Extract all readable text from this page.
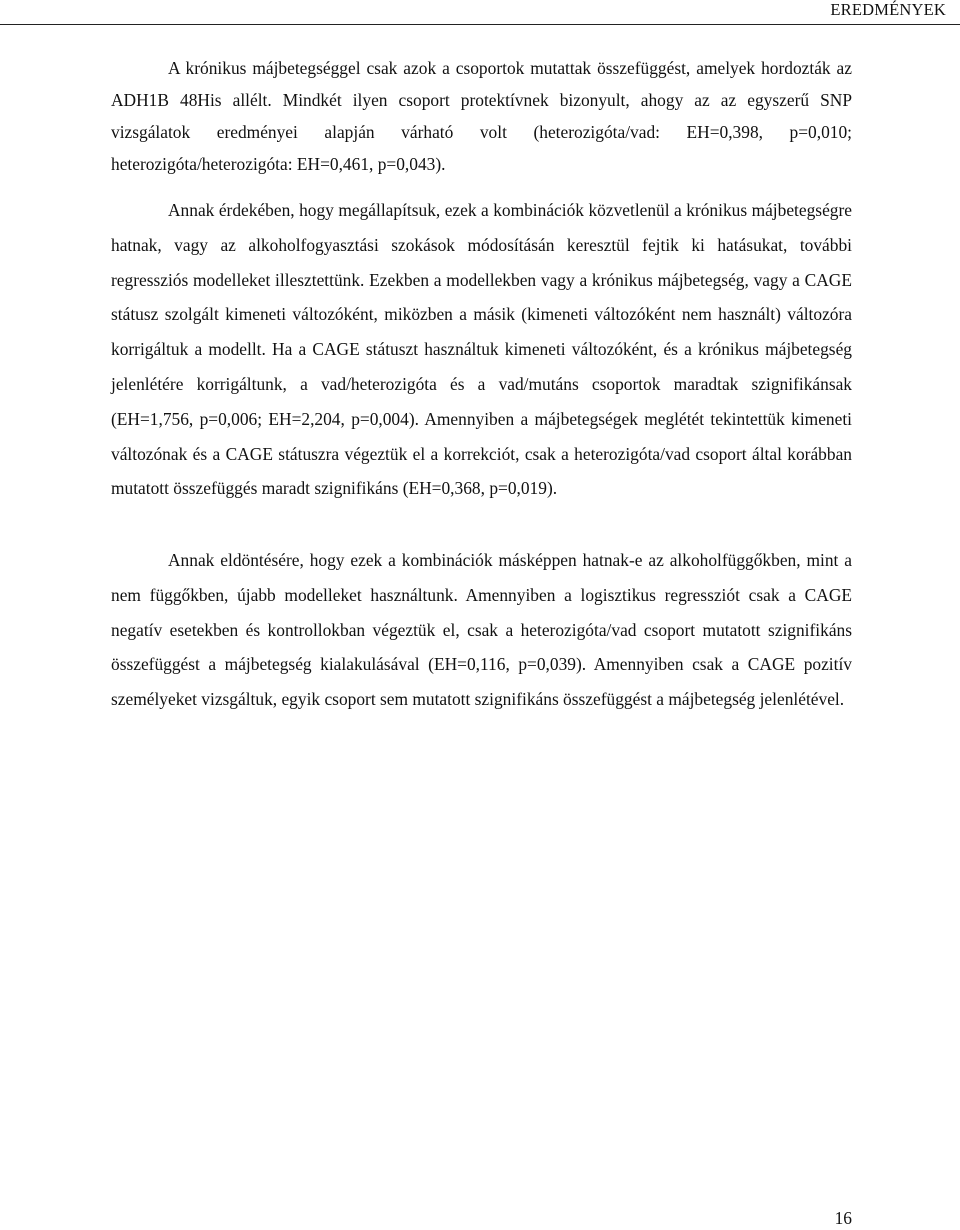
EREDMÉNYEK

A krónikus májbetegséggel csak azok a csoportok mutattak összefüggést, amelyek hordozták az ADH1B 48His allélt. Mindkét ilyen csoport protektívnek bizonyult, ahogy az az egyszerű SNP vizsgálatok eredményei alapján várható volt (heterozigóta/vad: EH=0,398, p=0,010; heterozigóta/heterozigóta: EH=0,461, p=0,043).

Annak érdekében, hogy megállapítsuk, ezek a kombinációk közvetlenül a krónikus májbetegségre hatnak, vagy az alkoholfogyasztási szokások módosításán keresztül fejtik ki hatásukat, további regressziós modelleket illesztettünk. Ezekben a modellekben vagy a krónikus májbetegség, vagy a CAGE státusz szolgált kimeneti változóként, miközben a másik (kimeneti változóként nem használt) változóra korrigáltuk a modellt. Ha a CAGE státuszt használtuk kimeneti változóként, és a krónikus májbetegség jelenlétére korrigáltunk, a vad/heterozigóta és a vad/mutáns csoportok maradtak szignifikánsak (EH=1,756, p=0,006; EH=2,204, p=0,004). Amennyiben a májbetegségek meglétét tekintettük kimeneti változónak és a CAGE státuszra végeztük el a korrekciót, csak a heterozigóta/vad csoport által korábban mutatott összefüggés maradt szignifikáns (EH=0,368, p=0,019).

Annak eldöntésére, hogy ezek a kombinációk másképpen hatnak-e az alkoholfüggőkben, mint a nem függőkben, újabb modelleket használtunk. Amennyiben a logisztikus regressziót csak a CAGE negatív esetekben és kontrollokban végeztük el, csak a heterozigóta/vad csoport mutatott szignifikáns összefüggést a májbetegség kialakulásával (EH=0,116, p=0,039). Amennyiben csak a CAGE pozitív személyeket vizsgáltuk, egyik csoport sem mutatott szignifikáns összefüggést a májbetegség jelenlétével.

16
